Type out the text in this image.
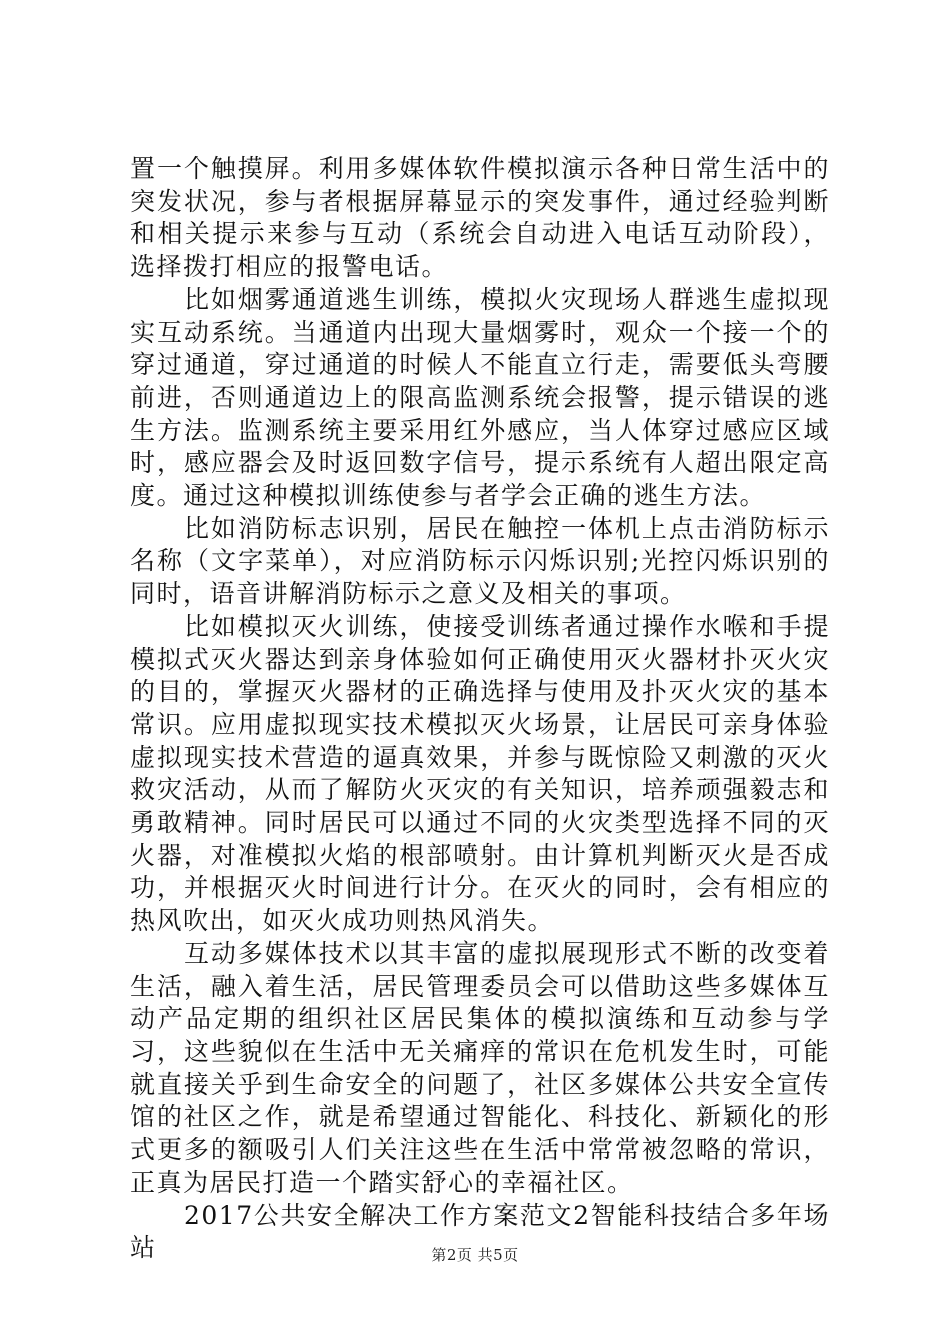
置一个触摸屏。利用多媒体软件模拟演示各种日常生活中的突发状况，参与者根据屏幕显示的突发事件，通过经验判断和相关提示来参与互动（系统会自动进入电话互动阶段），选择拨打相应的报警电话。

比如烟雾通道逃生训练，模拟火灾现场人群逃生虚拟现实互动系统。当通道内出现大量烟雾时，观众一个接一个的穿过通道，穿过通道的时候人不能直立行走，需要低头弯腰前进，否则通道边上的限高监测系统会报警，提示错误的逃生方法。监测系统主要采用红外感应，当人体穿过感应区域时，感应器会及时返回数字信号，提示系统有人超出限定高度。通过这种模拟训练使参与者学会正确的逃生方法。

比如消防标志识别，居民在触控一体机上点击消防标示名称（文字菜单），对应消防标示闪烁识别;光控闪烁识别的同时，语音讲解消防标示之意义及相关的事项。

比如模拟灭火训练，使接受训练者通过操作水喉和手提模拟式灭火器达到亲身体验如何正确使用灭火器材扑灭火灾的目的，掌握灭火器材的正确选择与使用及扑灭火灾的基本常识。应用虚拟现实技术模拟灭火场景，让居民可亲身体验虚拟现实技术营造的逼真效果，并参与既惊险又刺激的灭火救灾活动，从而了解防火灭灾的有关知识，培养顽强毅志和勇敢精神。同时居民可以通过不同的火灾类型选择不同的灭火器，对准模拟火焰的根部喷射。由计算机判断灭火是否成功，并根据灭火时间进行计分。在灭火的同时，会有相应的热风吹出，如灭火成功则热风消失。

互动多媒体技术以其丰富的虚拟展现形式不断的改变着生活，融入着生活，居民管理委员会可以借助这些多媒体互动产品定期的组织社区居民集体的模拟演练和互动参与学习，这些貌似在生活中无关痛痒的常识在危机发生时，可能就直接关乎到生命安全的问题了，社区多媒体公共安全宣传馆的社区之作，就是希望通过智能化、科技化、新颖化的形式更多的额吸引人们关注这些在生活中常常被忽略的常识，正真为居民打造一个踏实舒心的幸福社区。

2017公共安全解决工作方案范文2智能科技结合多年场站	第2页 共5页
